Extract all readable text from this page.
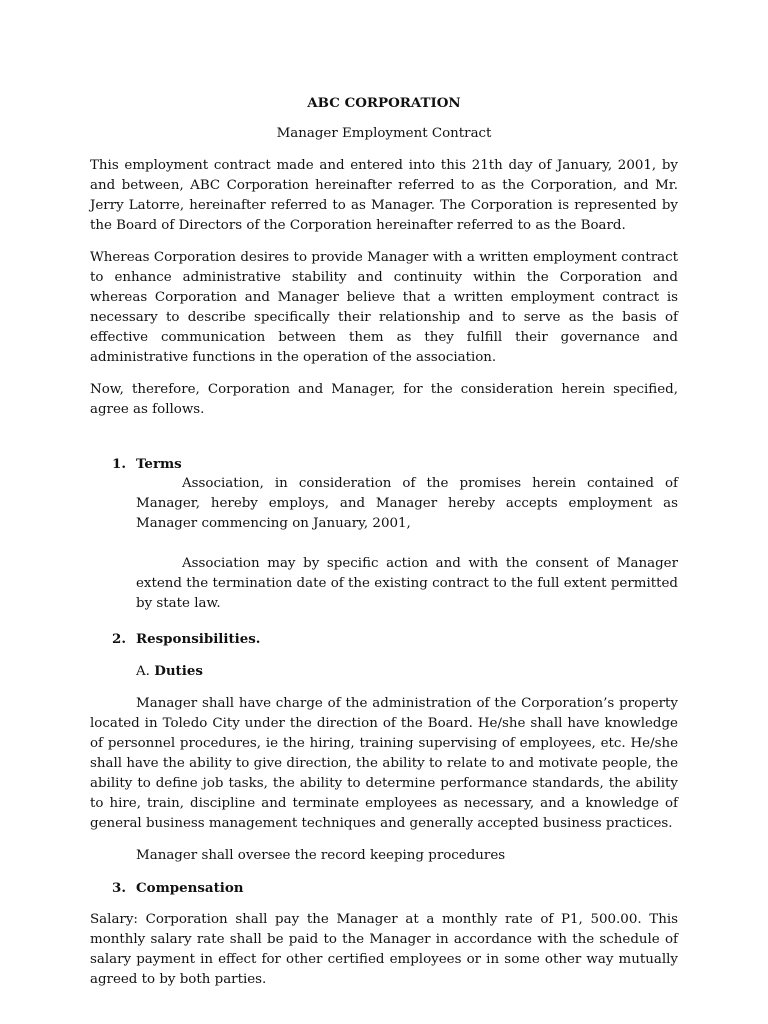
ABC CORPORATION

Manager Employment Contract

This employment contract made and entered into this 21th day of January, 2001, by and between, ABC Corporation hereinafter referred to as the Corporation, and Mr. Jerry Latorre, hereinafter referred to as Manager. The Corporation is represented by the Board of Directors of the Corporation hereinafter referred to as the Board.

Whereas Corporation desires to provide Manager with a written employment contract to enhance administrative stability and continuity within the Corporation and whereas Corporation and Manager believe that a written employment contract is necessary to describe specifically their relationship and to serve as the basis of effective communication between them as they fulfill their governance and administrative functions in the operation of the association.

Now, therefore, Corporation and Manager, for the consideration herein specified, agree as follows.

1. Terms

Association, in consideration of the promises herein contained of Manager, hereby employs, and Manager hereby accepts employment as Manager commencing on January, 2001,

Association may by specific action and with the consent of Manager extend the termination date of the existing contract to the full extent permitted by state law.

2. Responsibilities.
A. Duties

Manager shall have charge of the administration of the Corporation’s property located in Toledo City under the direction of the Board. He/she shall have knowledge of personnel procedures, ie the hiring, training supervising of employees, etc. He/she shall have the ability to give direction, the ability to relate to and motivate people, the ability to define job tasks, the ability to determine performance standards, the ability to hire, train, discipline and terminate employees as necessary, and a knowledge of general business management techniques and generally accepted business practices.

Manager shall oversee the record keeping procedures

3. Compensation

Salary: Corporation shall pay the Manager at a monthly rate of P1, 500.00. This monthly salary rate shall be paid to the Manager in accordance with the schedule of salary payment in effect for other certified employees or in some other way mutually agreed to by both parties.
